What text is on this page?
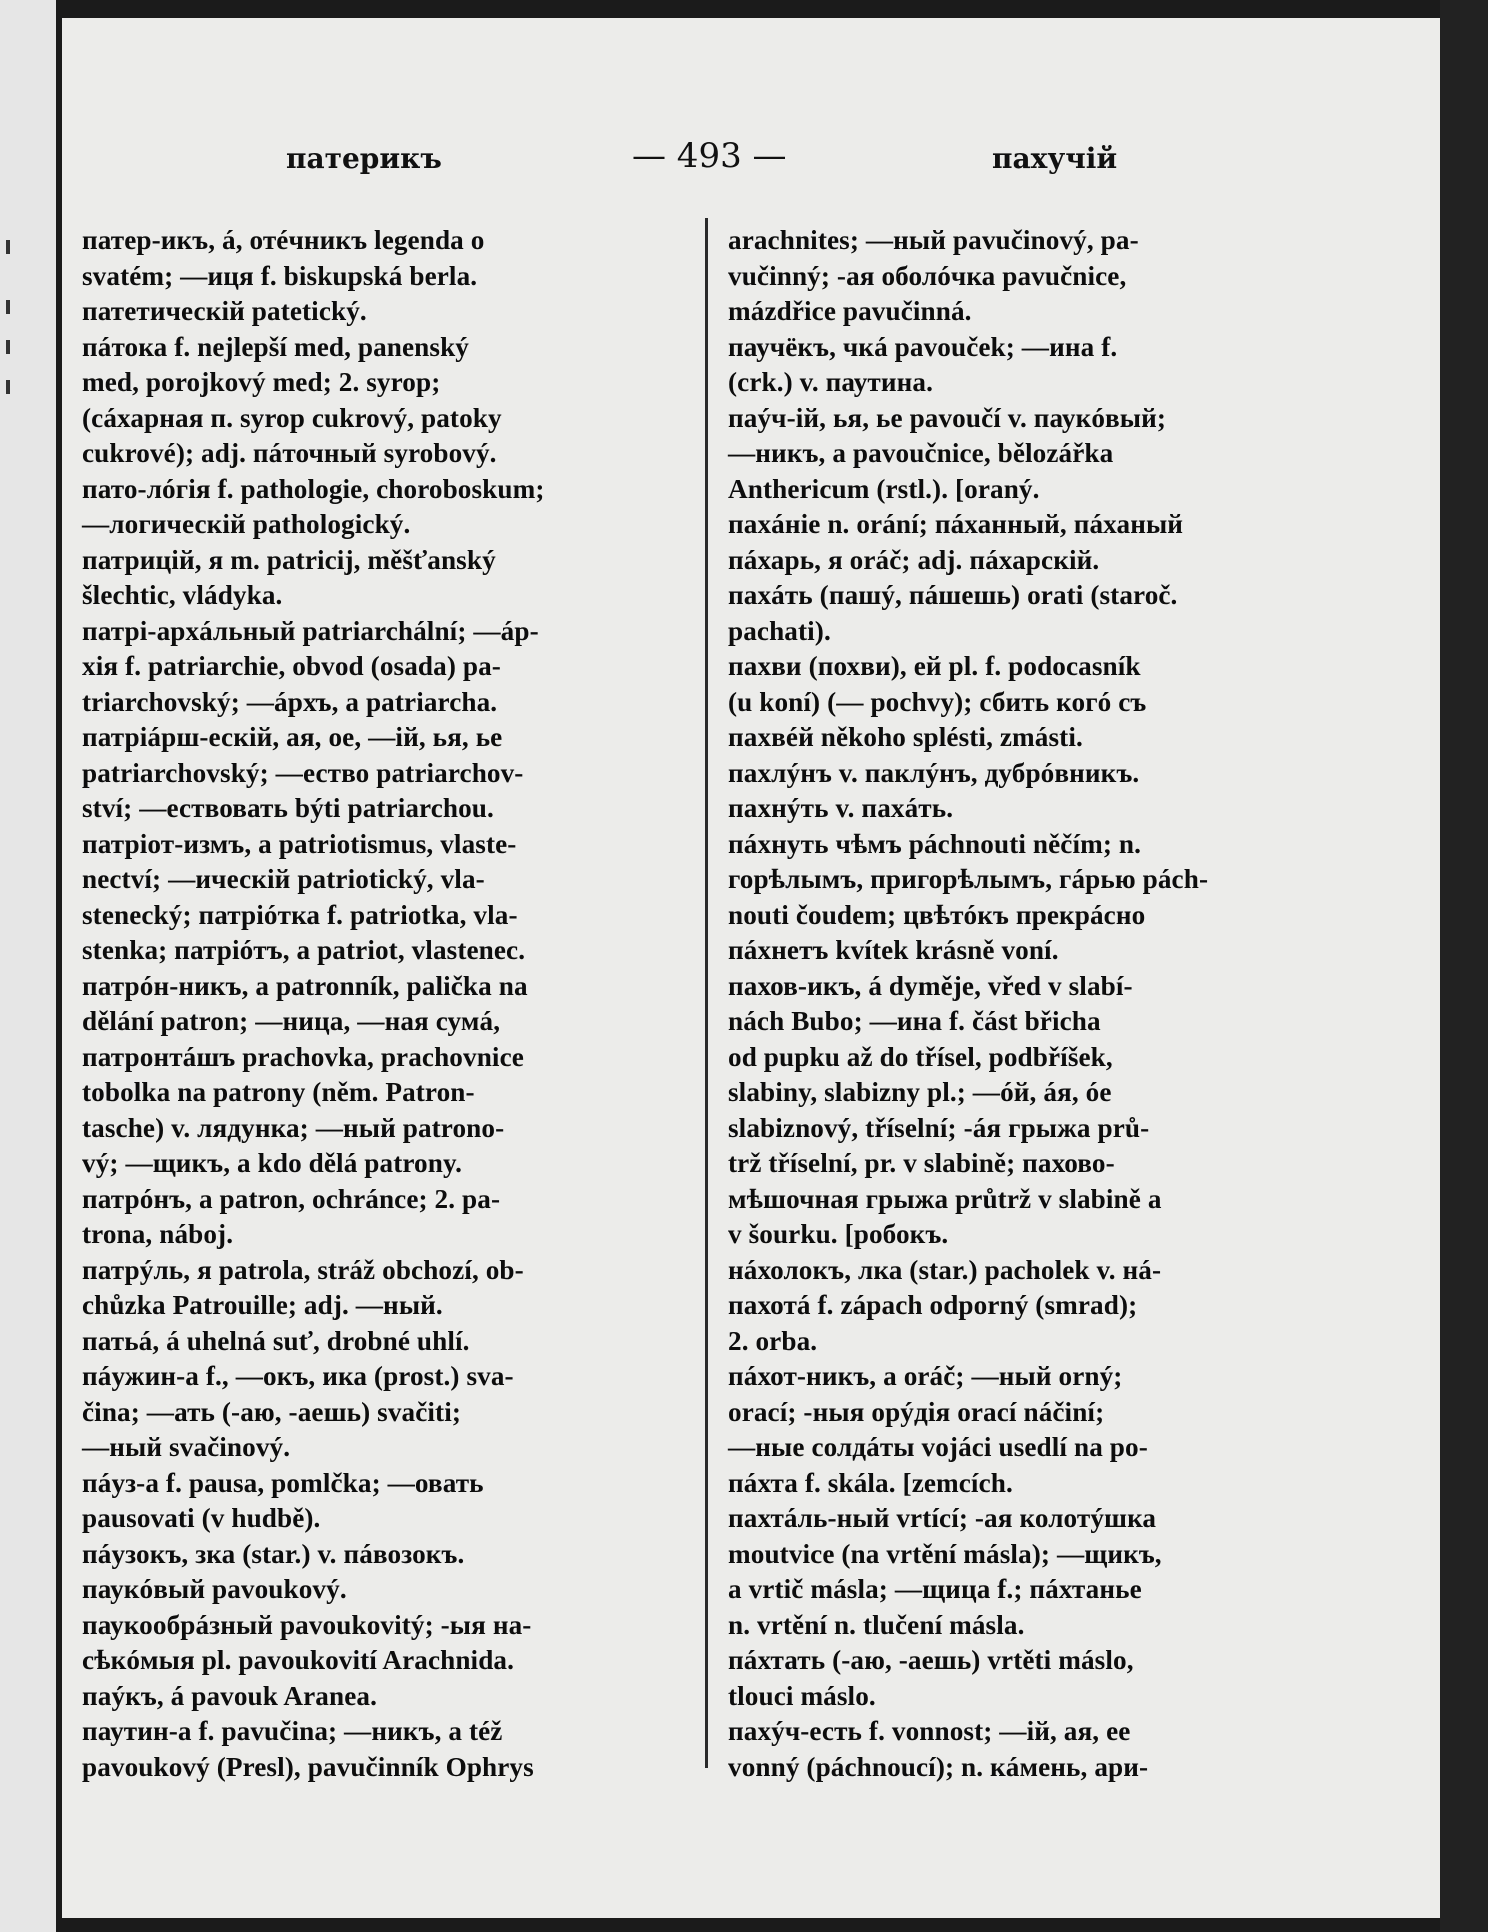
патерикъ	— 493 —	пахучій
патер-икъ, á, отéчникъ legenda o
svatém; —иця f. biskupská berla.
патетическій patetický.
пáтока f. nejlepší med, panenský
med, porojkový med; 2. syrop;
(сáхарная п. syrop cukrový, patoky
cukrové); adj. пáточный syrobový.
пато-лóгія f. pathologie, choroboskum;
—логическій pathologický.
патрицій, я m. patricij, měšťanský
šlechtic, vládyka.
патрі-архáльный patriarchální; —áр-
хія f. patriarchie, obvod (osada) pa-
triarchovský; —áрхъ, a patriarcha.
патріáрш-ескій, ая, ое, —ій, ья, ье
patriarchovský; —ество patriarchov-
ství; —ествовать býti patriarchou.
патріот-измъ, a patriotismus, vlaste-
nectví; —ическій patriotický, vla-
stenecký; патріóтка f. patriotka, vla-
stenka; патріóтъ, a patriot, vlastenec.
патрóн-никъ, a patronník, palička na
dělání patron; —ница, —ная сумá,
патронтáшъ prachovka, prachovnice
tobolka na patrony (něm. Patron-
tasche) v. лядунка; —ный patrono-
vý; —щикъ, a kdo dělá patrony.
патрóнъ, a patron, ochránce; 2. pa-
trona, náboj.
патрýль, я patrola, stráž obchozí, ob-
chůzka Patrouille; adj. —ный.
патьá, á uhelná suť, drobné uhlí.
пáужин-а f., —окъ, ика (prost.) sva-
čina; —ать (-аю, -аешь) svačiti;
—ный svačinový.
пáуз-а f. pausa, pomlčka; —овать
pausovati (v hudbě).
пáузокъ, зка (star.) v. пáвозокъ.
паукóвый pavoukový.
паукообрáзный pavoukovitý; -ыя на-
сѣкóмыя pl. pavoukovití Arachnida.
паýкъ, á pavouk Aranea.
паутин-а f. pavučina; —никъ, a též
pavoukový (Presl), pavučinník Ophrys
arachnites; —ный pavučinový, pa-
vučinný; -ая оболóчка pavučnice,
mázdřice pavučinná.
паучёкъ, чкá pavouček; —ина f.
(crk.) v. паутина.
паýч-ій, ья, ье pavoučí v. паукóвый;
—никъ, a pavoučnice, bělozářka
Anthericum (rstl.). [oraný.
пахáніе n. orání; пáханный, пáханый
пáхарь, я oráč; adj. пáхарскій.
пахáть (пашý, пáшешь) orati (staroč.
pachati).
пахви (похви), ей pl. f. podocasník
(u koní) (— pochvy); сбить когó съ
пахвéй někoho splésti, zmásti.
пахлýнъ v. паклýнъ, дубрóвникъ.
пахнýть v. пахáть.
пáхнуть чѣмъ páchnouti něčím; n.
горѣлымъ, пригорѣлымъ, гáрью pách-
nouti čoudem; цвѣтóкъ прекрáсно
пáхнетъ kvítek krásně voní.
пахов-икъ, á dyměje, vřed v slabí-
nách Bubo; —ина f. část břicha
od pupku až do třísel, podbříšek,
slabiny, slabizny pl.; —óй, áя, óе
slabiznový, tříselní; -áя грыжа prů-
trž tříselní, pr. v slabině; пахово-
мѣшочная грыжа průtrž v slabině a
v šourku. [робокъ.
нáхолокъ, лка (star.) pacholek v. нá-
пахотá f. zápach odporný (smrad);
2. orba.
пáхот-никъ, a oráč; —ный orný;
orací; -ныя орýдія orací náčiní;
—ные солдáты vojáci usedlí na po-
пáхта f. skála. [zemcích.
пахтáль-ный vrtící; -ая колотýшка
moutvice (na vrtění másla); —щикъ,
a vrtič másla; —щица f.; пáхтанье
n. vrtění n. tlučení másla.
пáхтать (-аю, -аешь) vrtěti máslo,
tlouci máslo.
пахýч-есть f. vonnost; —ій, ая, ее
vonný (páchnoucí); n. кáмень, ари-
